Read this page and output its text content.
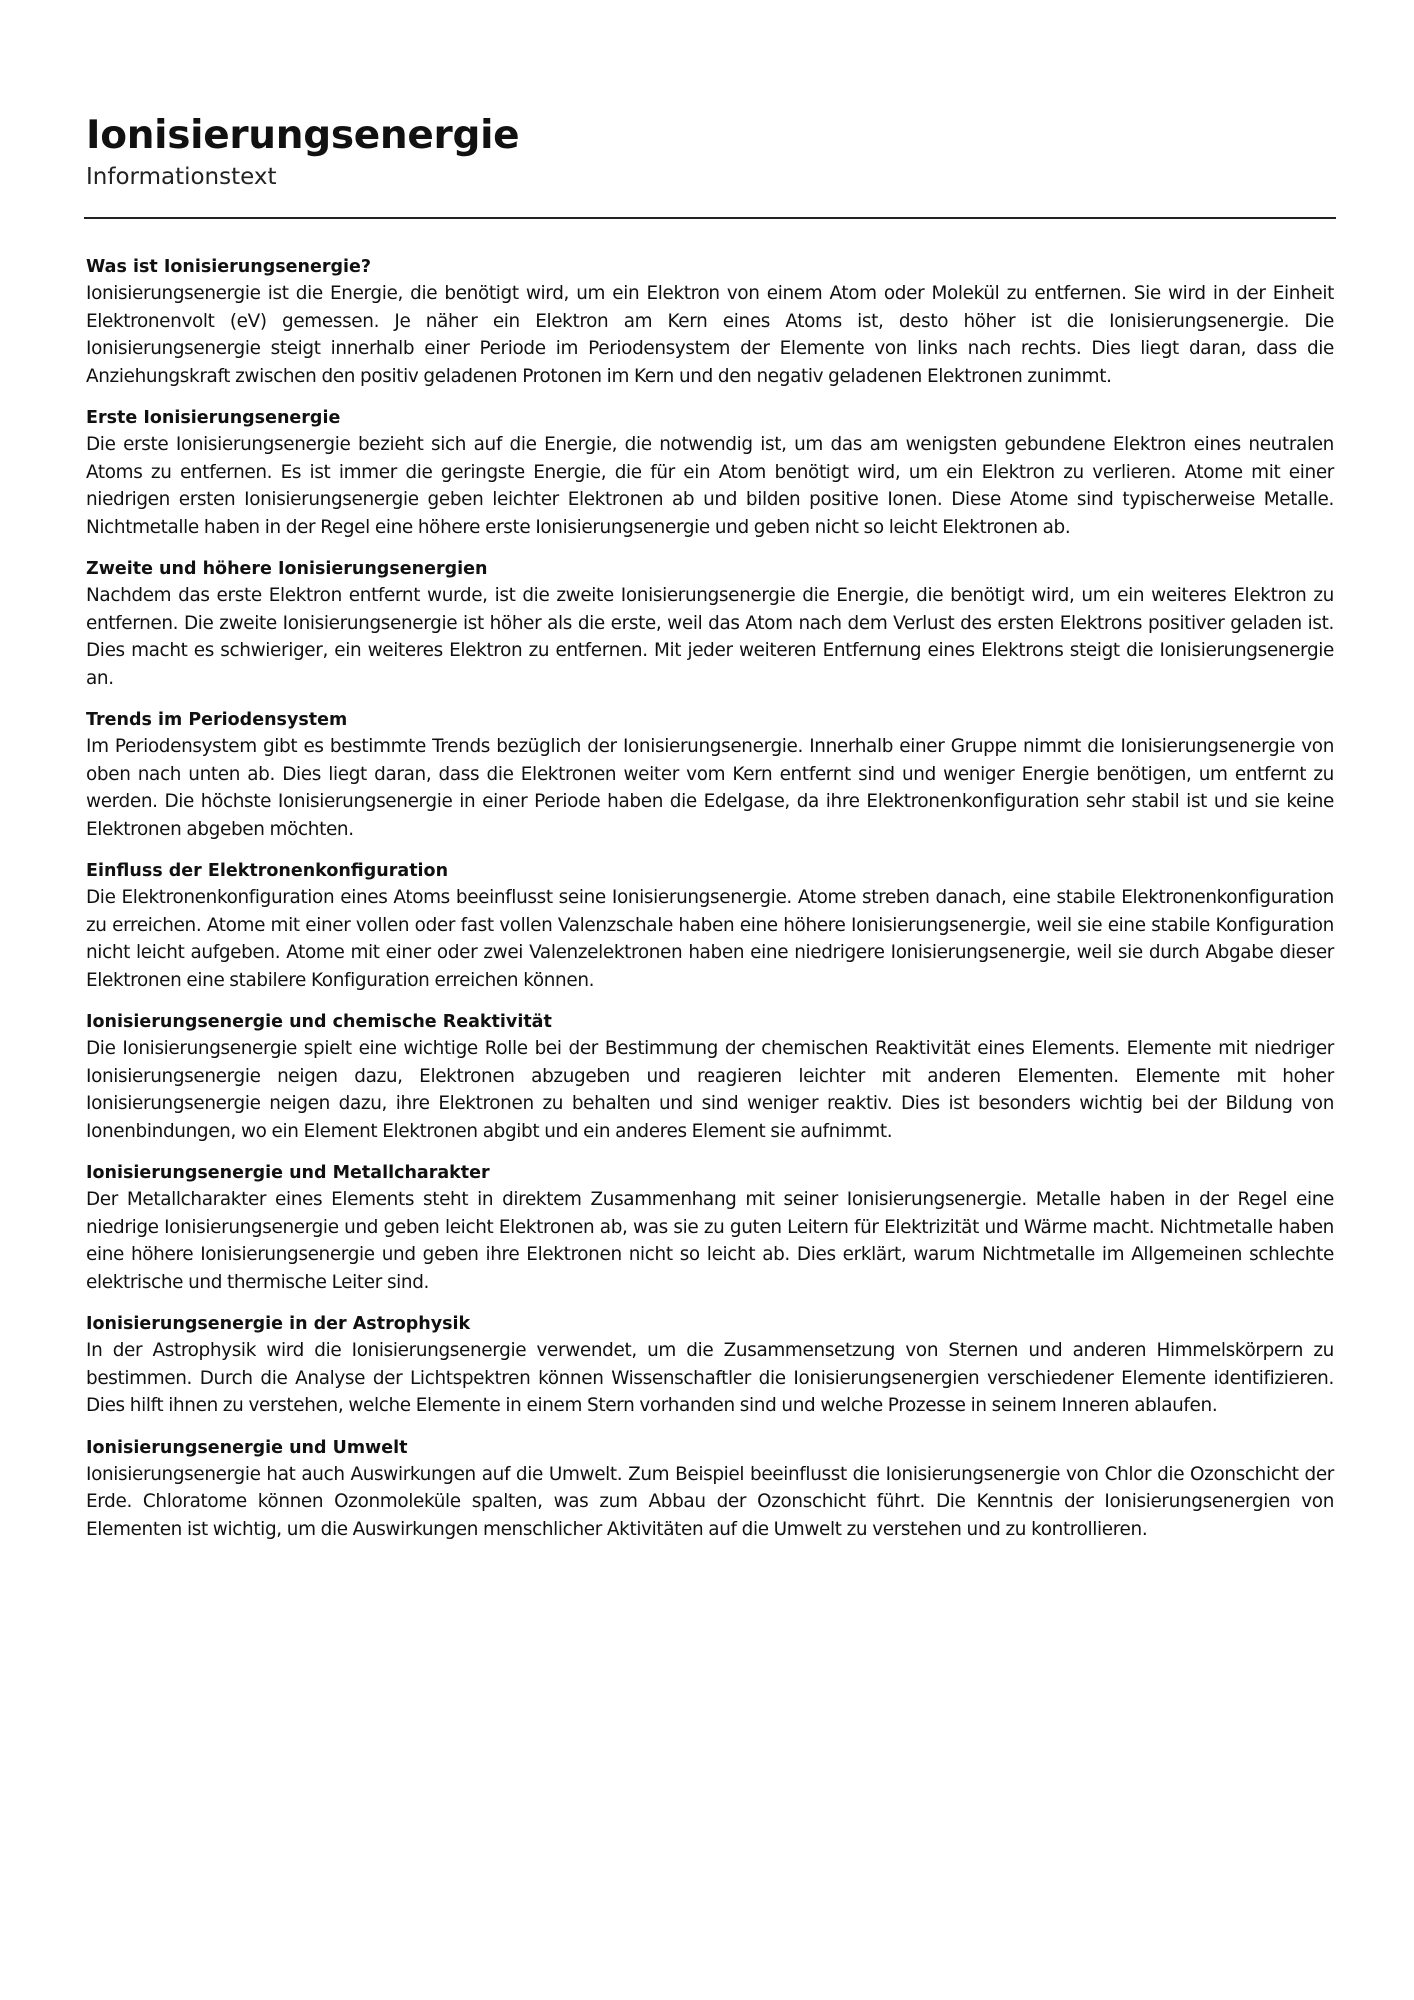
Ionisierungsenergie

Informationstext

Was ist Ionisierungsenergie?

Ionisierungsenergie ist die Energie, die benötigt wird, um ein Elektron von einem Atom oder Molekül zu entfernen. Sie wird in der Einheit Elektronenvolt (eV) gemessen. Je näher ein Elektron am Kern eines Atoms ist, desto höher ist die Ionisierungsenergie. Die Ionisierungsenergie steigt innerhalb einer Periode im Periodensystem der Elemente von links nach rechts. Dies liegt daran, dass die Anziehungskraft zwischen den positiv geladenen Protonen im Kern und den negativ geladenen Elektronen zunimmt.

Erste Ionisierungsenergie

Die erste Ionisierungsenergie bezieht sich auf die Energie, die notwendig ist, um das am wenigsten gebundene Elektron eines neutralen Atoms zu entfernen. Es ist immer die geringste Energie, die für ein Atom benötigt wird, um ein Elektron zu verlieren. Atome mit einer niedrigen ersten Ionisierungsenergie geben leichter Elektronen ab und bilden positive Ionen. Diese Atome sind typischerweise Metalle. Nichtmetalle haben in der Regel eine höhere erste Ionisierungsenergie und geben nicht so leicht Elektronen ab.

Zweite und höhere Ionisierungsenergien

Nachdem das erste Elektron entfernt wurde, ist die zweite Ionisierungsenergie die Energie, die benötigt wird, um ein weiteres Elektron zu entfernen. Die zweite Ionisierungsenergie ist höher als die erste, weil das Atom nach dem Verlust des ersten Elektrons positiver geladen ist. Dies macht es schwieriger, ein weiteres Elektron zu entfernen. Mit jeder weiteren Entfernung eines Elektrons steigt die Ionisierungsenergie an.

Trends im Periodensystem

Im Periodensystem gibt es bestimmte Trends bezüglich der Ionisierungsenergie. Innerhalb einer Gruppe nimmt die Ionisierungsenergie von oben nach unten ab. Dies liegt daran, dass die Elektronen weiter vom Kern entfernt sind und weniger Energie benötigen, um entfernt zu werden. Die höchste Ionisierungsenergie in einer Periode haben die Edelgase, da ihre Elektronenkonfiguration sehr stabil ist und sie keine Elektronen abgeben möchten.

Einfluss der Elektronenkonfiguration

Die Elektronenkonfiguration eines Atoms beeinflusst seine Ionisierungsenergie. Atome streben danach, eine stabile Elektronenkonfiguration zu erreichen. Atome mit einer vollen oder fast vollen Valenzschale haben eine höhere Ionisierungsenergie, weil sie eine stabile Konfiguration nicht leicht aufgeben. Atome mit einer oder zwei Valenzelektronen haben eine niedrigere Ionisierungsenergie, weil sie durch Abgabe dieser Elektronen eine stabilere Konfiguration erreichen können.

Ionisierungsenergie und chemische Reaktivität

Die Ionisierungsenergie spielt eine wichtige Rolle bei der Bestimmung der chemischen Reaktivität eines Elements. Elemente mit niedriger Ionisierungsenergie neigen dazu, Elektronen abzugeben und reagieren leichter mit anderen Elementen. Elemente mit hoher Ionisierungsenergie neigen dazu, ihre Elektronen zu behalten und sind weniger reaktiv. Dies ist besonders wichtig bei der Bildung von Ionenbindungen, wo ein Element Elektronen abgibt und ein anderes Element sie aufnimmt.

Ionisierungsenergie und Metallcharakter

Der Metallcharakter eines Elements steht in direktem Zusammenhang mit seiner Ionisierungsenergie. Metalle haben in der Regel eine niedrige Ionisierungsenergie und geben leicht Elektronen ab, was sie zu guten Leitern für Elektrizität und Wärme macht. Nichtmetalle haben eine höhere Ionisierungsenergie und geben ihre Elektronen nicht so leicht ab. Dies erklärt, warum Nichtmetalle im Allgemeinen schlechte elektrische und thermische Leiter sind.

Ionisierungsenergie in der Astrophysik

In der Astrophysik wird die Ionisierungsenergie verwendet, um die Zusammensetzung von Sternen und anderen Himmelskörpern zu bestimmen. Durch die Analyse der Lichtspektren können Wissenschaftler die Ionisierungsenergien verschiedener Elemente identifizieren. Dies hilft ihnen zu verstehen, welche Elemente in einem Stern vorhanden sind und welche Prozesse in seinem Inneren ablaufen.

Ionisierungsenergie und Umwelt

Ionisierungsenergie hat auch Auswirkungen auf die Umwelt. Zum Beispiel beeinflusst die Ionisierungsenergie von Chlor die Ozonschicht der Erde. Chloratome können Ozonmoleküle spalten, was zum Abbau der Ozonschicht führt. Die Kenntnis der Ionisierungsenergien von Elementen ist wichtig, um die Auswirkungen menschlicher Aktivitäten auf die Umwelt zu verstehen und zu kontrollieren.
